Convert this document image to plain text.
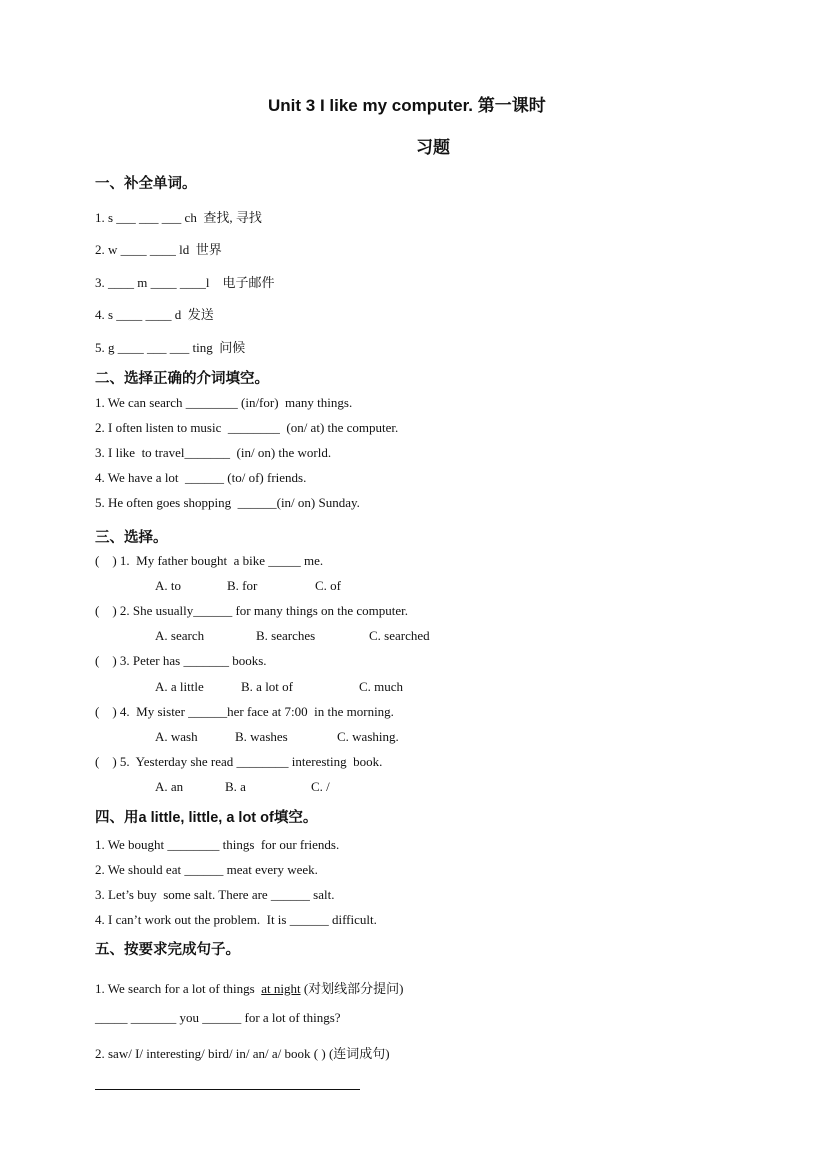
Unit 3 I like my computer. 第一课时
习题
一、补全单词。
1. s ___ ___ ___ ch  查找, 寻找
2. w ____ ____ ld  世界
3. ____ m ____ ____l    电子邮件
4. s ____ ____ d  发送
5. g ____ ___ ___ ting  问候
二、选择正确的介词填空。
1. We can search ________ (in/for)  many things.
2. I often listen to music  ________  (on/ at) the computer.
3. I like  to travel_______  (in/ on) the world.
4. We have a lot  ______ (to/ of) friends.
5. He often goes shopping  ______(in/ on) Sunday.
三、选择。
(    ) 1.  My father bought  a bike _____ me.
A. to	B. for	C. of
(    ) 2. She usually______ for many things on the computer.
A. search	B. searches	C. searched
(    ) 3. Peter has _______ books.
A. a little	B. a lot of	C. much
(    ) 4.  My sister ______her face at 7:00  in the morning.
A. wash	B. washes	C. washing.
(    ) 5.  Yesterday she read ________ interesting  book.
A. an	B. a	C. /
四、用a little, little, a lot of填空。
1. We bought ________ things  for our friends.
2. We should eat ______ meat every week.
3. Let’s buy  some salt. There are ______ salt.
4. I can’t work out the problem.  It is ______ difficult.
五、按要求完成句子。
1. We search for a lot of things  at night (对划线部分提问)
_____ _______ you ______ for a lot of things?
2. saw/ I/ interesting/ bird/ in/ an/ a/ book ( ) (连词成句)
